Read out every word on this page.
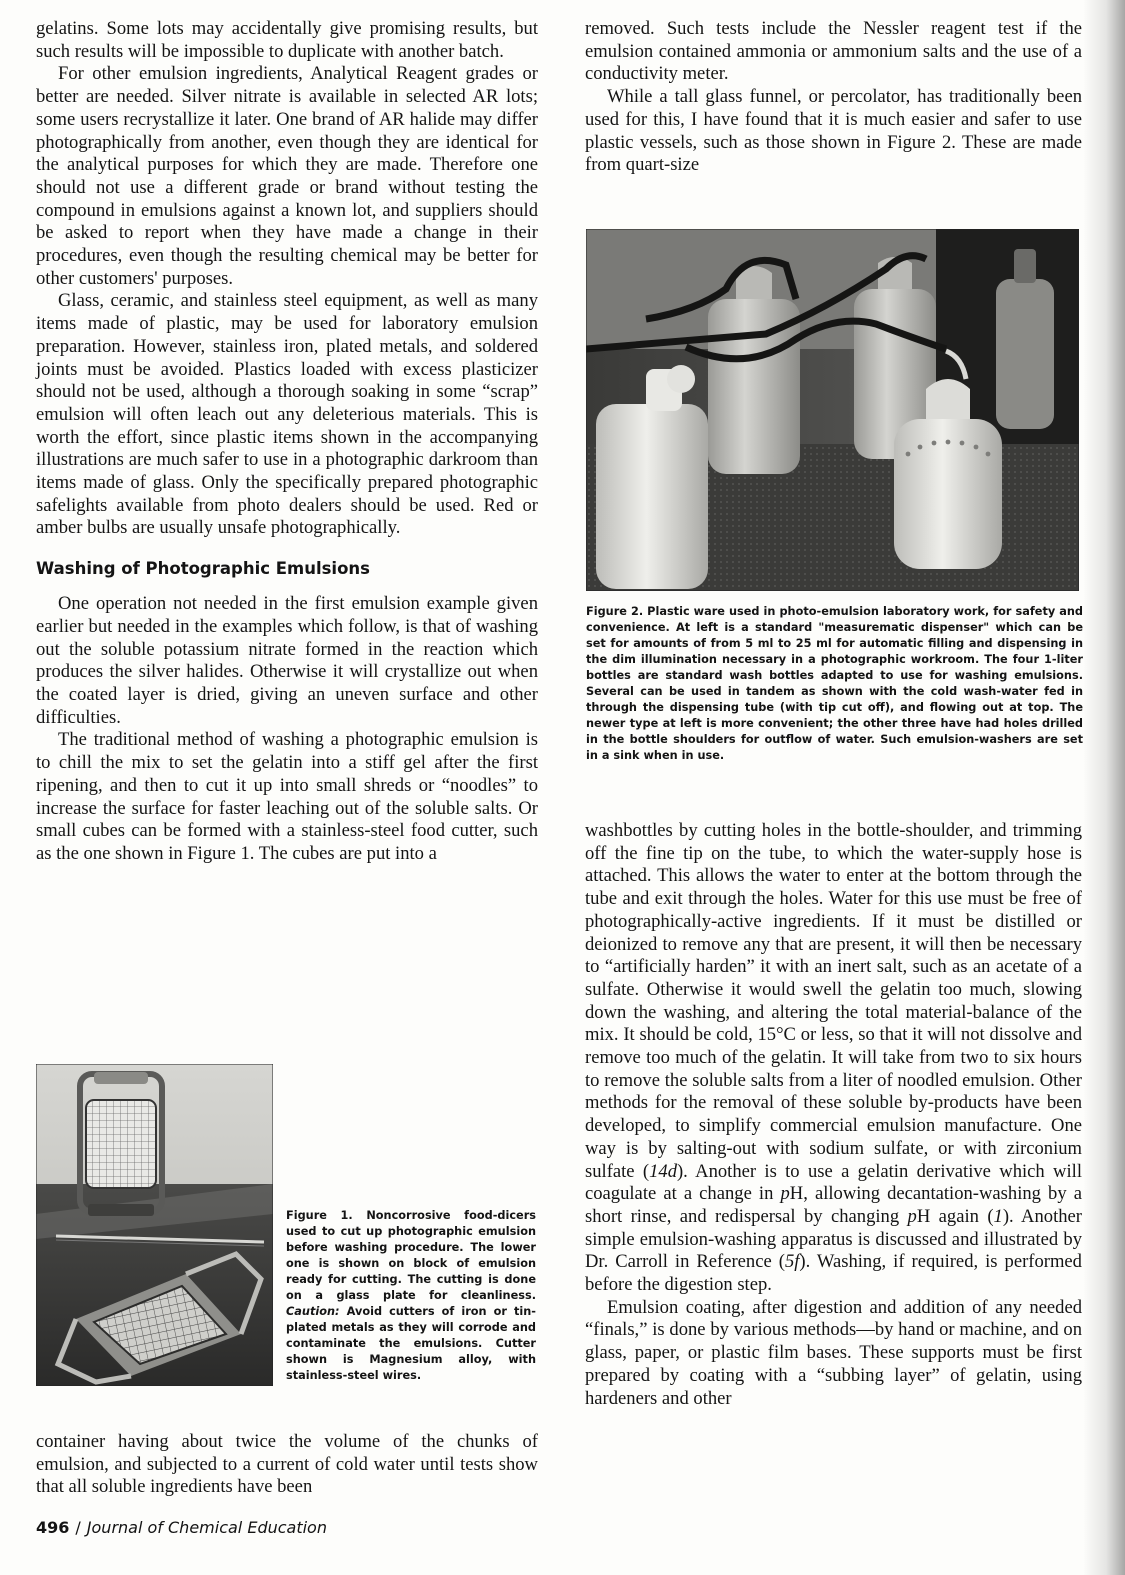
gelatins. Some lots may accidentally give promising results, but such results will be impossible to duplicate with another batch.

For other emulsion ingredients, Analytical Reagent grades or better are needed. Silver nitrate is available in selected AR lots; some users recrystallize it later. One brand of AR halide may differ photographically from another, even though they are identical for the analytical purposes for which they are made. Therefore one should not use a different grade or brand without testing the compound in emulsions against a known lot, and suppliers should be asked to report when they have made a change in their procedures, even though the resulting chemical may be better for other customers' purposes.

Glass, ceramic, and stainless steel equipment, as well as many items made of plastic, may be used for laboratory emulsion preparation. However, stainless iron, plated metals, and soldered joints must be avoided. Plastics loaded with excess plasticizer should not be used, although a thorough soaking in some “scrap” emulsion will often leach out any deleterious materials. This is worth the effort, since plastic items shown in the accompanying illustrations are much safer to use in a photographic darkroom than items made of glass. Only the specifically prepared photographic safelights available from photo dealers should be used. Red or amber bulbs are usually unsafe photographically.

Washing of Photographic Emulsions

One operation not needed in the first emulsion example given earlier but needed in the examples which follow, is that of washing out the soluble potassium nitrate formed in the reaction which produces the silver halides. Otherwise it will crystallize out when the coated layer is dried, giving an uneven surface and other difficulties.

The traditional method of washing a photographic emulsion is to chill the mix to set the gelatin into a stiff gel after the first ripening, and then to cut it up into small shreds or “noodles” to increase the surface for faster leaching out of the soluble salts. Or small cubes can be formed with a stainless-steel food cutter, such as the one shown in Figure 1. The cubes are put into a

Figure 1. Noncorrosive food-dicers used to cut up photographic emulsion before washing procedure. The lower one is shown on block of emulsion ready for cutting. The cutting is done on a glass plate for cleanliness. Caution: Avoid cutters of iron or tin-plated metals as they will corrode and contaminate the emulsions. Cutter shown is Magnesium alloy, with stainless-steel wires.

container having about twice the volume of the chunks of emulsion, and subjected to a current of cold water until tests show that all soluble ingredients have been

removed. Such tests include the Nessler reagent test if the emulsion contained ammonia or ammonium salts and the use of a conductivity meter.

While a tall glass funnel, or percolator, has traditionally been used for this, I have found that it is much easier and safer to use plastic vessels, such as those shown in Figure 2. These are made from quart-size

Figure 2. Plastic ware used in photo-emulsion laboratory work, for safety and convenience. At left is a standard "measurematic dispenser" which can be set for amounts of from 5 ml to 25 ml for automatic filling and dispensing in the dim illumination necessary in a photographic workroom. The four 1-liter bottles are standard wash bottles adapted to use for washing emulsions. Several can be used in tandem as shown with the cold wash-water fed in through the dispensing tube (with tip cut off), and flowing out at top. The newer type at left is more convenient; the other three have had holes drilled in the bottle shoulders for outflow of water. Such emulsion-washers are set in a sink when in use.

washbottles by cutting holes in the bottle-shoulder, and trimming off the fine tip on the tube, to which the water-supply hose is attached. This allows the water to enter at the bottom through the tube and exit through the holes. Water for this use must be free of photographically-active ingredients. If it must be distilled or deionized to remove any that are present, it will then be necessary to “artificially harden” it with an inert salt, such as an acetate of a sulfate. Otherwise it would swell the gelatin too much, slowing down the washing, and altering the total material-balance of the mix. It should be cold, 15°C or less, so that it will not dissolve and remove too much of the gelatin. It will take from two to six hours to remove the soluble salts from a liter of noodled emulsion. Other methods for the removal of these soluble by-products have been developed, to simplify commercial emulsion manufacture. One way is by salting-out with sodium sulfate, or with zirconium sulfate (14d). Another is to use a gelatin derivative which will coagulate at a change in pH, allowing decantation-washing by a short rinse, and redispersal by changing pH again (1). Another simple emulsion-washing apparatus is discussed and illustrated by Dr. Carroll in Reference (5f). Washing, if required, is performed before the digestion step.

Emulsion coating, after digestion and addition of any needed “finals,” is done by various methods—by hand or machine, and on glass, paper, or plastic film bases. These supports must be first prepared by coating with a “subbing layer” of gelatin, using hardeners and other

496 / Journal of Chemical Education
